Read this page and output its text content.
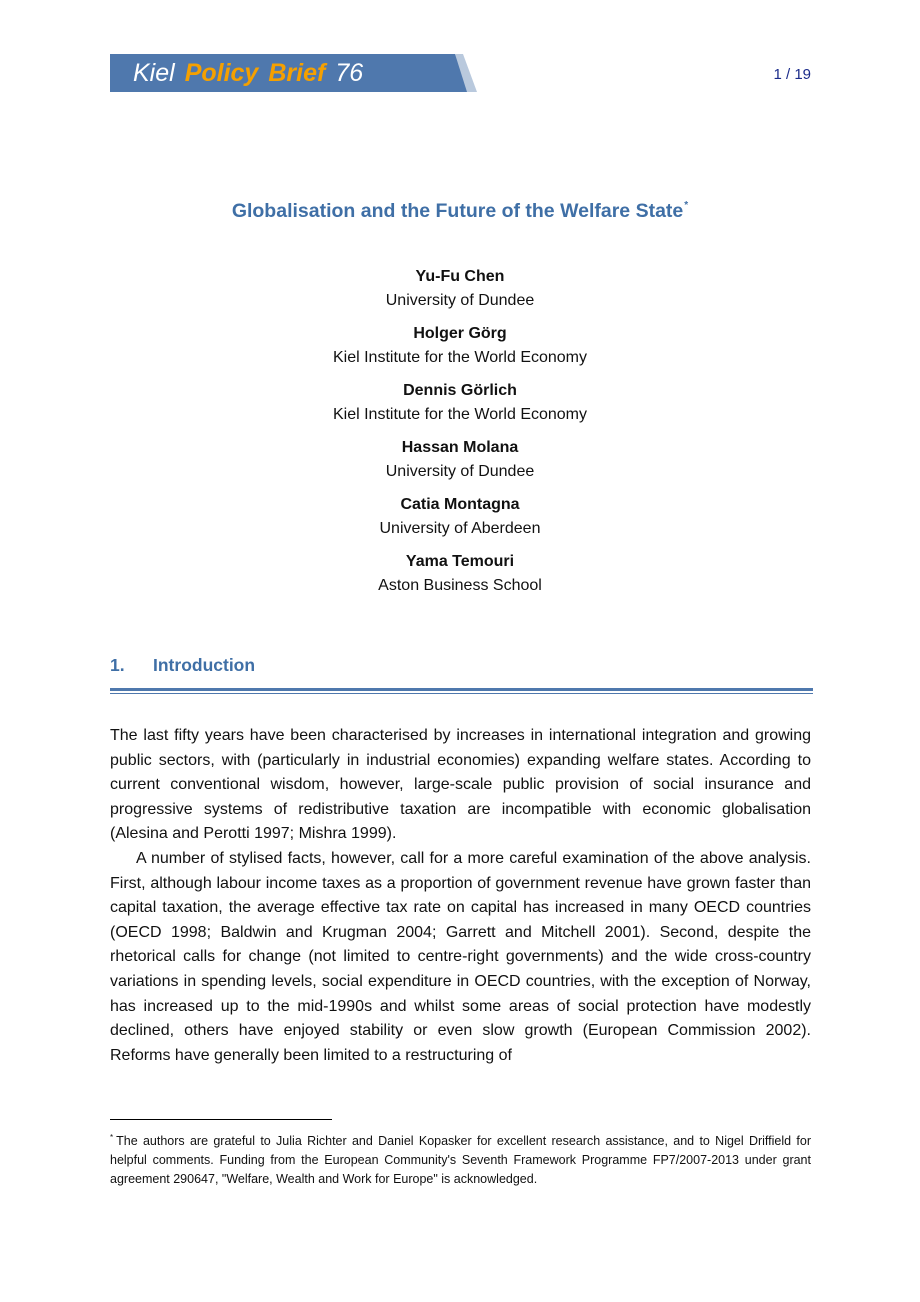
Kiel Policy Brief 76	1 / 19
Globalisation and the Future of the Welfare State*
Yu-Fu Chen
University of Dundee
Holger Görg
Kiel Institute for the World Economy
Dennis Görlich
Kiel Institute for the World Economy
Hassan Molana
University of Dundee
Catia Montagna
University of Aberdeen
Yama Temouri
Aston Business School
1. Introduction

The last fifty years have been characterised by increases in international integration and growing public sectors, with (particularly in industrial economies) expanding welfare states. According to current conventional wisdom, however, large-scale public provision of social insurance and progressive systems of redistributive taxation are incompatible with economic globalisation (Alesina and Perotti 1997; Mishra 1999).

A number of stylised facts, however, call for a more careful examination of the above analysis. First, although labour income taxes as a proportion of government revenue have grown faster than capital taxation, the average effective tax rate on capital has increased in many OECD countries (OECD 1998; Baldwin and Krugman 2004; Garrett and Mitchell 2001). Second, despite the rhetorical calls for change (not limited to centre-right governments) and the wide cross-country variations in spending levels, social expenditure in OECD countries, with the exception of Norway, has increased up to the mid-1990s and whilst some areas of social protection have modestly declined, others have enjoyed stability or even slow growth (European Commission 2002). Reforms have generally been limited to a restructuring of

* The authors are grateful to Julia Richter and Daniel Kopasker for excellent research assistance, and to Nigel Driffield for helpful comments. Funding from the European Community's Seventh Framework Programme FP7/2007-2013 under grant agreement 290647, "Welfare, Wealth and Work for Europe" is acknowledged.
